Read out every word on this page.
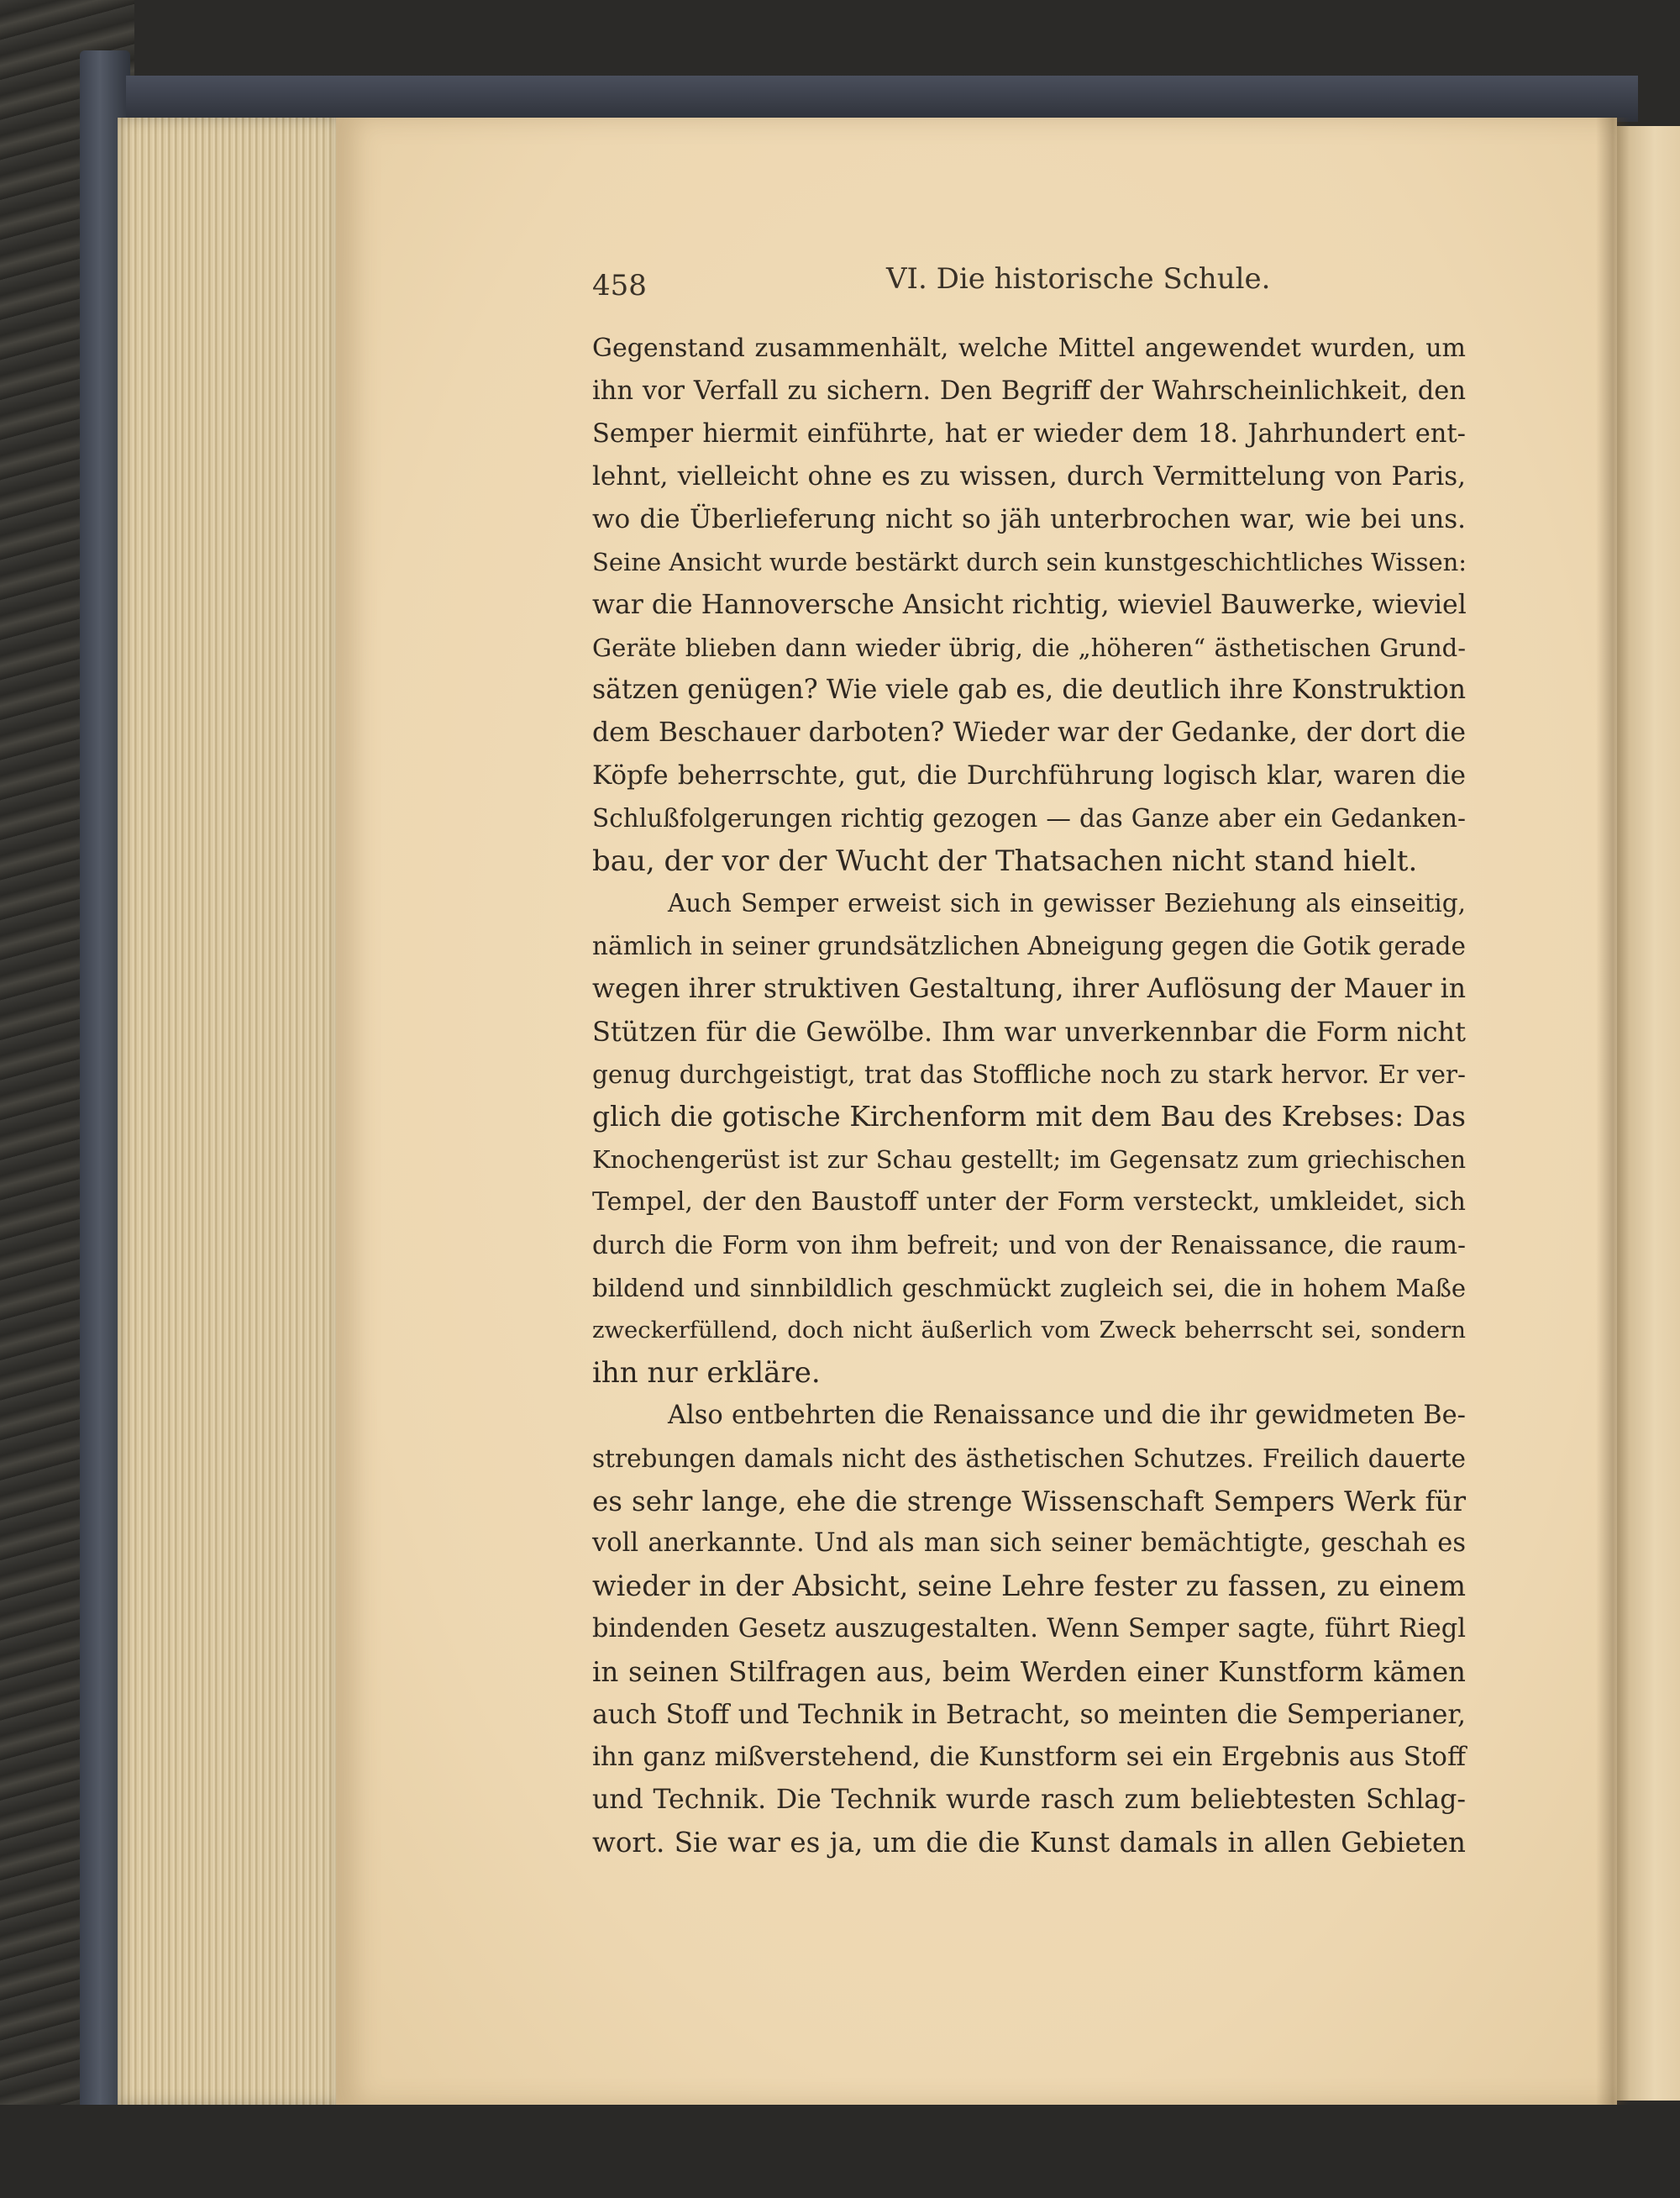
458	VI. Die historische Schule.
Gegenstand zusammenhält, welche Mittel angewendet wurden, um
ihn vor Verfall zu sichern. Den Begriff der Wahrscheinlichkeit, den
Semper hiermit einführte, hat er wieder dem 18. Jahrhundert ent-
lehnt, vielleicht ohne es zu wissen, durch Vermittelung von Paris,
wo die Überlieferung nicht so jäh unterbrochen war, wie bei uns.
Seine Ansicht wurde bestärkt durch sein kunstgeschichtliches Wissen:
war die Hannoversche Ansicht richtig, wieviel Bauwerke, wieviel
Geräte blieben dann wieder übrig, die „höheren“ ästhetischen Grund-
sätzen genügen? Wie viele gab es, die deutlich ihre Konstruktion
dem Beschauer darboten? Wieder war der Gedanke, der dort die
Köpfe beherrschte, gut, die Durchführung logisch klar, waren die
Schlußfolgerungen richtig gezogen — das Ganze aber ein Gedanken-
bau, der vor der Wucht der Thatsachen nicht stand hielt.
Auch Semper erweist sich in gewisser Beziehung als einseitig,
nämlich in seiner grundsätzlichen Abneigung gegen die Gotik gerade
wegen ihrer struktiven Gestaltung, ihrer Auflösung der Mauer in
Stützen für die Gewölbe. Ihm war unverkennbar die Form nicht
genug durchgeistigt, trat das Stoffliche noch zu stark hervor. Er ver-
glich die gotische Kirchenform mit dem Bau des Krebses: Das
Knochengerüst ist zur Schau gestellt; im Gegensatz zum griechischen
Tempel, der den Baustoff unter der Form versteckt, umkleidet, sich
durch die Form von ihm befreit; und von der Renaissance, die raum-
bildend und sinnbildlich geschmückt zugleich sei, die in hohem Maße
zweckerfüllend, doch nicht äußerlich vom Zweck beherrscht sei, sondern
ihn nur erkläre.
Also entbehrten die Renaissance und die ihr gewidmeten Be-
strebungen damals nicht des ästhetischen Schutzes. Freilich dauerte
es sehr lange, ehe die strenge Wissenschaft Sempers Werk für
voll anerkannte. Und als man sich seiner bemächtigte, geschah es
wieder in der Absicht, seine Lehre fester zu fassen, zu einem
bindenden Gesetz auszugestalten. Wenn Semper sagte, führt Riegl
in seinen Stilfragen aus, beim Werden einer Kunstform kämen
auch Stoff und Technik in Betracht, so meinten die Semperianer,
ihn ganz mißverstehend, die Kunstform sei ein Ergebnis aus Stoff
und Technik. Die Technik wurde rasch zum beliebtesten Schlag-
wort. Sie war es ja, um die die Kunst damals in allen Gebieten
